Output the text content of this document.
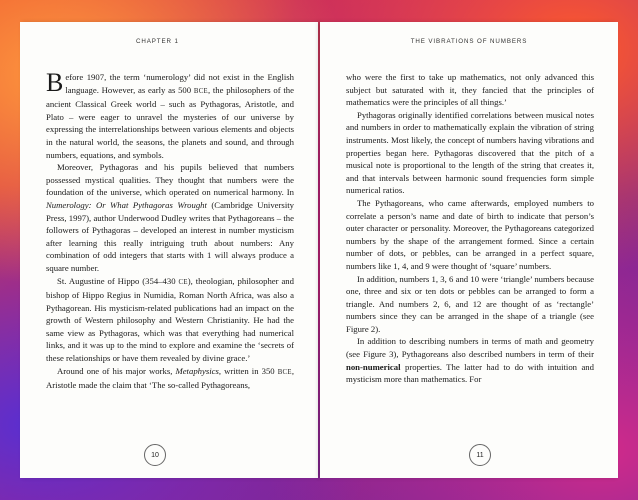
CHAPTER 1

Before 1907, the term ‘numerology’ did not exist in the English language. However, as early as 500 BCE, the philosophers of the ancient Classical Greek world – such as Pythagoras, Aristotle, and Plato – were eager to unravel the mysteries of our universe by expressing the interrelationships between various elements and objects in the natural world, the seasons, the planets and sound, and through numbers, equations, and symbols.

Moreover, Pythagoras and his pupils believed that numbers possessed mystical qualities. They thought that numbers were the foundation of the universe, which operated on numerical harmony. In Numerology: Or What Pythagoras Wrought (Cambridge University Press, 1997), author Underwood Dudley writes that Pythagoreans – the followers of Pythagoras – developed an interest in number mysticism after learning this really intriguing truth about numbers: Any combination of odd integers that starts with 1 will always produce a square number.

St. Augustine of Hippo (354–430 CE), theologian, philosopher and bishop of Hippo Regius in Numidia, Roman North Africa, was also a Pythagorean. His mysticism-related publications had an impact on the growth of Western philosophy and Western Christianity. He had the same view as Pythagoras, which was that everything had numerical links, and it was up to the mind to explore and examine the ‘secrets of these relationships or have them revealed by divine grace.’

Around one of his major works, Metaphysics, written in 350 BCE, Aristotle made the claim that ‘The so-called Pythagoreans,

10
THE VIBRATIONS OF NUMBERS

who were the first to take up mathematics, not only advanced this subject but saturated with it, they fancied that the principles of mathematics were the principles of all things.’

Pythagoras originally identified correlations between musical notes and numbers in order to mathematically explain the vibration of string instruments. Most likely, the concept of numbers having vibrations and properties began here. Pythagoras discovered that the pitch of a musical note is proportional to the length of the string that creates it, and that intervals between harmonic sound frequencies form simple numerical ratios.

The Pythagoreans, who came afterwards, employed numbers to correlate a person’s name and date of birth to indicate that person’s outer character or personality. Moreover, the Pythagoreans categorized numbers by the shape of the arrangement formed. Since a certain number of dots, or pebbles, can be arranged in a perfect square, numbers like 1, 4, and 9 were thought of ‘square’ numbers.

In addition, numbers 1, 3, 6 and 10 were ‘triangle’ numbers because one, three and six or ten dots or pebbles can be arranged to form a triangle. And numbers 2, 6, and 12 are thought of as ‘rectangle’ numbers since they can be arranged in the shape of a triangle (see Figure 2).

In addition to describing numbers in terms of math and geometry (see Figure 3), Pythagoreans also described numbers in term of their non-numerical properties. The latter had to do with intuition and mysticism more than mathematics. For

11
